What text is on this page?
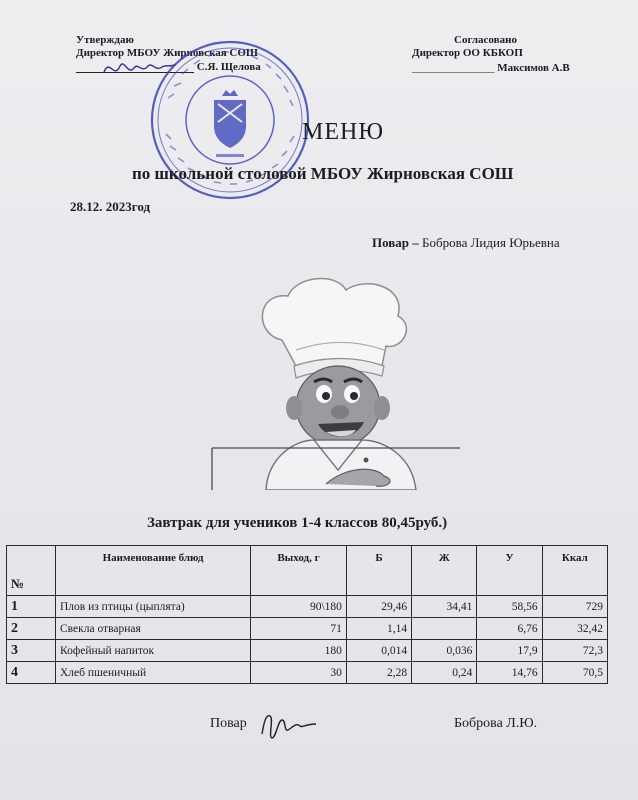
Утверждаю
Директор МБОУ Жирновская СОШ
С.Я. Щелова
Согласовано
Директор ОО КБКОП
_______________ Максимов А.В
МЕНЮ
по школьной столовой МБОУ Жирновская СОШ
28.12. 2023год
Повар – Боброва Лидия Юрьевна
Завтрак для учеников 1-4 классов 80,45руб.)
№	Наименование блюд	Выход, г	Б	Ж	У	Ккал
1	Плов из птицы (цыплята)	90\180	29,46	34,41	58,56	729
2	Свекла отварная	71	1,14		6,76	32,42
3	Кофейный напиток	180	0,014	0,036	17,9	72,3
4	Хлеб пшеничный	30	2,28	0,24	14,76	70,5
Повар	Боброва Л.Ю.
